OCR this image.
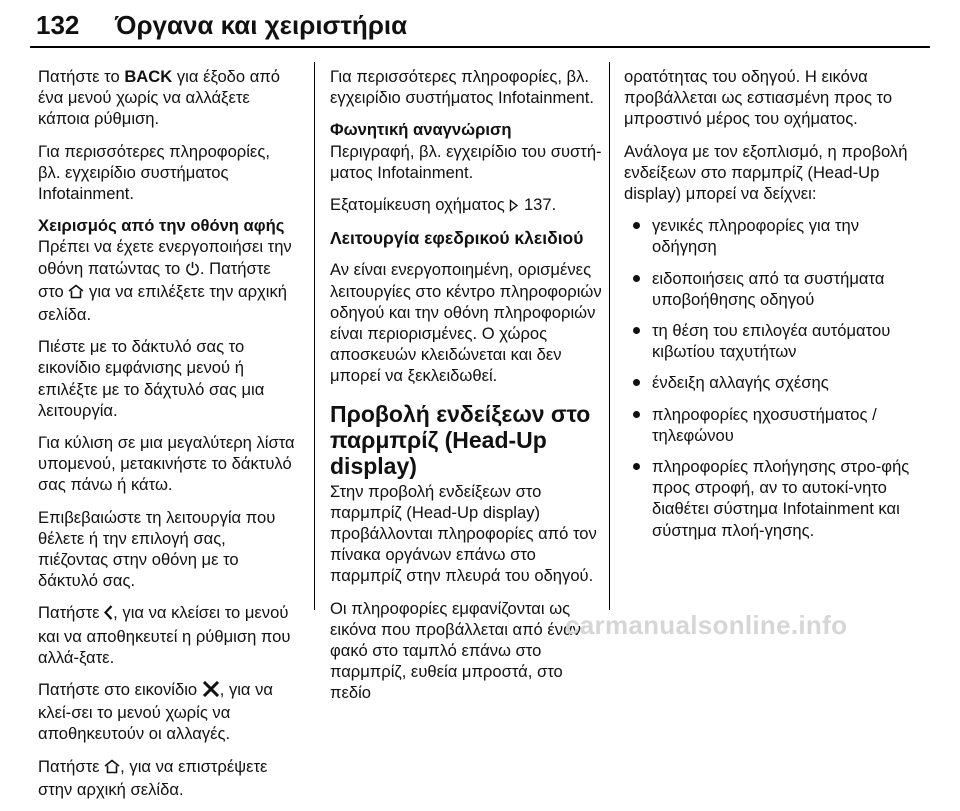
132 Όργανα και χειριστήρια

Πατήστε το BACK για έξοδο από ένα μενού χωρίς να αλλάξετε κάποια ρύθμιση.

Για περισσότερες πληροφορίες, βλ. εγχειρίδιο συστήματος Infotainment.

Χειρισμός από την οθόνη αφής

Πρέπει να έχετε ενεργοποιήσει την οθόνη πατώντας το . Πατήστε στο  για να επιλέξετε την αρχική σελίδα.

Πιέστε με το δάκτυλό σας το εικονίδιο εμφάνισης μενού ή επιλέξτε με το δάχτυλό σας μια λειτουργία.

Για κύλιση σε μια μεγαλύτερη λίστα υπομενού, μετακινήστε το δάκτυλό σας πάνω ή κάτω.

Επιβεβαιώστε τη λειτουργία που θέλετε ή την επιλογή σας, πιέζοντας στην οθόνη με το δάκτυλό σας.

Πατήστε , για να κλείσει το μενού και να αποθηκευτεί η ρύθμιση που αλλά-ξατε.

Πατήστε στο εικονίδιο , για να κλεί-σει το μενού χωρίς να αποθηκευτούν οι αλλαγές.

Πατήστε , για να επιστρέψετε στην αρχική σελίδα.

Για περισσότερες πληροφορίες, βλ. εγχειρίδιο συστήματος Infotainment.

Φωνητική αναγνώριση

Περιγραφή, βλ. εγχειρίδιο του συστή-ματος Infotainment.

Εξατομίκευση οχήματος  137.

Λειτουργία εφεδρικού κλειδιού

Αν είναι ενεργοποιημένη, ορισμένες λειτουργίες στο κέντρο πληροφοριών οδηγού και την οθόνη πληροφοριών είναι περιορισμένες. Ο χώρος αποσκευών κλειδώνεται και δεν μπορεί να ξεκλειδωθεί.

Προβολή ενδείξεων στο παρμπρίζ (Head-Up display)

Στην προβολή ενδείξεων στο παρμπρίζ (Head-Up display) προβάλλονται πληροφορίες από τον πίνακα οργάνων επάνω στο παρμπρίζ στην πλευρά του οδηγού.

Οι πληροφορίες εμφανίζονται ως εικόνα που προβάλλεται από έναν φακό στο ταμπλό επάνω στο παρμπρίζ, ευθεία μπροστά, στο πεδίο

ορατότητας του οδηγού. Η εικόνα προβάλλεται ως εστιασμένη προς το μπροστινό μέρος του οχήματος.

Ανάλογα με τον εξοπλισμό, η προβολή ενδείξεων στο παρμπρίζ (Head-Up display) μπορεί να δείχνει:

γενικές πληροφορίες για την οδήγηση
ειδοποιήσεις από τα συστήματα υποβοήθησης οδηγού
τη θέση του επιλογέα αυτόματου κιβωτίου ταχυτήτων
ένδειξη αλλαγής σχέσης
πληροφορίες ηχοσυστήματος / τηλεφώνου
πληροφορίες πλοήγησης στρο-φής προς στροφή, αν το αυτοκί-νητο διαθέτει σύστημα Infotainment και σύστημα πλοή-γησης.
carmanualsonline.info
